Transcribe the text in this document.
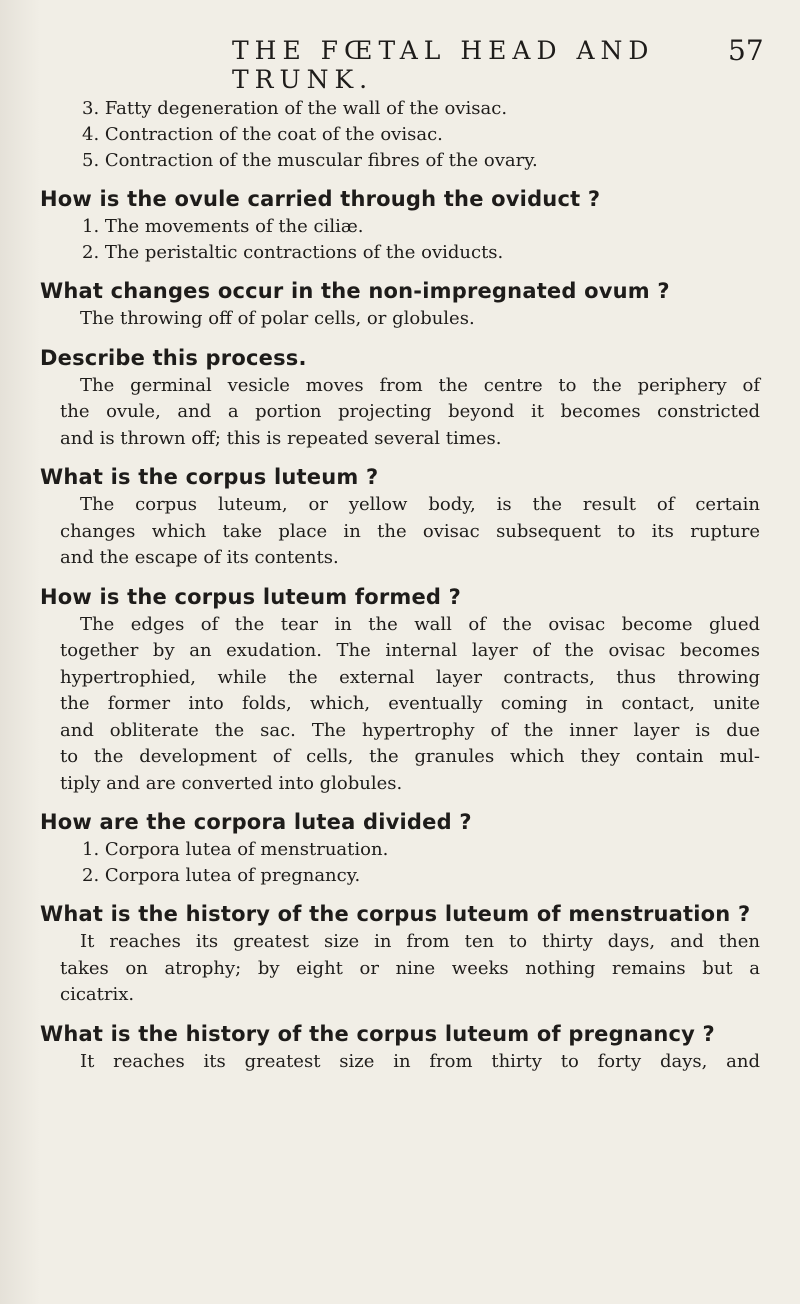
THE FŒTAL HEAD AND TRUNK.
57
3. Fatty degeneration of the wall of the ovisac.
4. Contraction of the coat of the ovisac.
5. Contraction of the muscular fibres of the ovary.
How is the ovule carried through the oviduct ?
1. The movements of the ciliæ.
2. The peristaltic contractions of the oviducts.
What changes occur in the non-impregnated ovum ?
The throwing off of polar cells, or globules.
Describe this process.
The germinal vesicle moves from the centre to the periphery of
the ovule, and a portion projecting beyond it becomes constricted
and is thrown off; this is repeated several times.
What is the corpus luteum ?
The corpus luteum, or yellow body, is the result of certain
changes which take place in the ovisac subsequent to its rupture
and the escape of its contents.
How is the corpus luteum formed ?
The edges of the tear in the wall of the ovisac become glued
together by an exudation. The internal layer of the ovisac becomes
hypertrophied, while the external layer contracts, thus throwing
the former into folds, which, eventually coming in contact, unite
and obliterate the sac. The hypertrophy of the inner layer is due
to the development of cells, the granules which they contain mul-
tiply and are converted into globules.
How are the corpora lutea divided ?
1. Corpora lutea of menstruation.
2. Corpora lutea of pregnancy.
What is the history of the corpus luteum of menstruation ?
It reaches its greatest size in from ten to thirty days, and then
takes on atrophy; by eight or nine weeks nothing remains but a
cicatrix.
What is the history of the corpus luteum of pregnancy ?
It reaches its greatest size in from thirty to forty days, and
